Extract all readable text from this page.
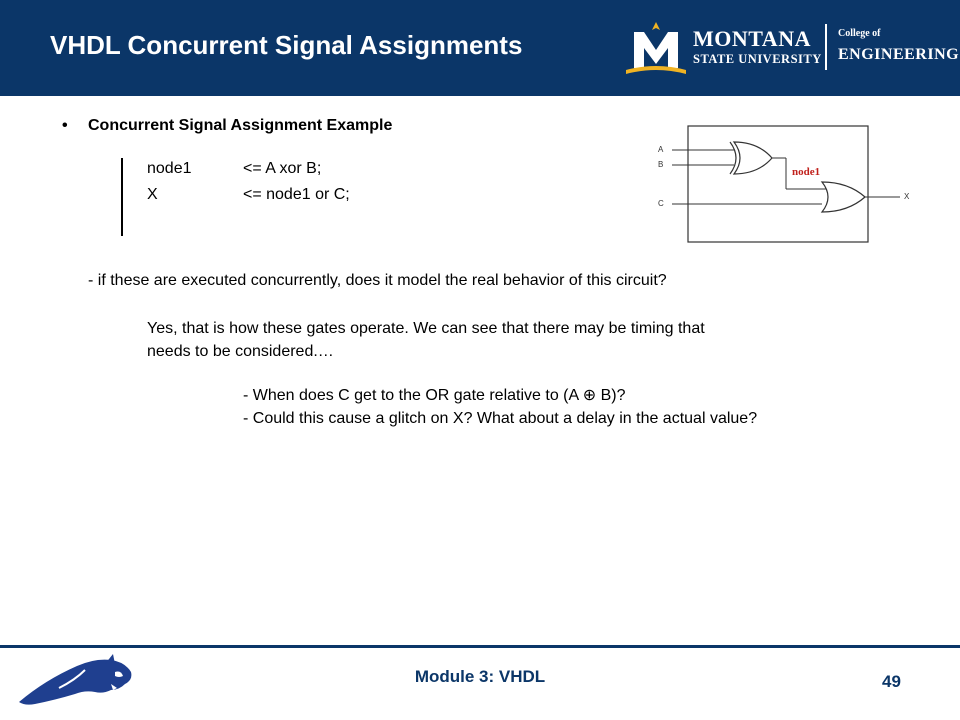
VHDL Concurrent Signal Assignments	MONTANA
STATE UNIVERSITY
College of
ENGINEERING
• Concurrent Signal Assignment Example
node1	<= A xor B;
X	<= node1 or C;
- if these are executed concurrently, does it model the real behavior of this circuit?
Yes, that is how these gates operate. We can see that there may be timing that
needs to be considered.…
- When does C get to the OR gate relative to (A ⊕ B)?
- Could this cause a glitch on X? What about a delay in the actual value?
A
B
C
X
node1
Module 3: VHDL	49
